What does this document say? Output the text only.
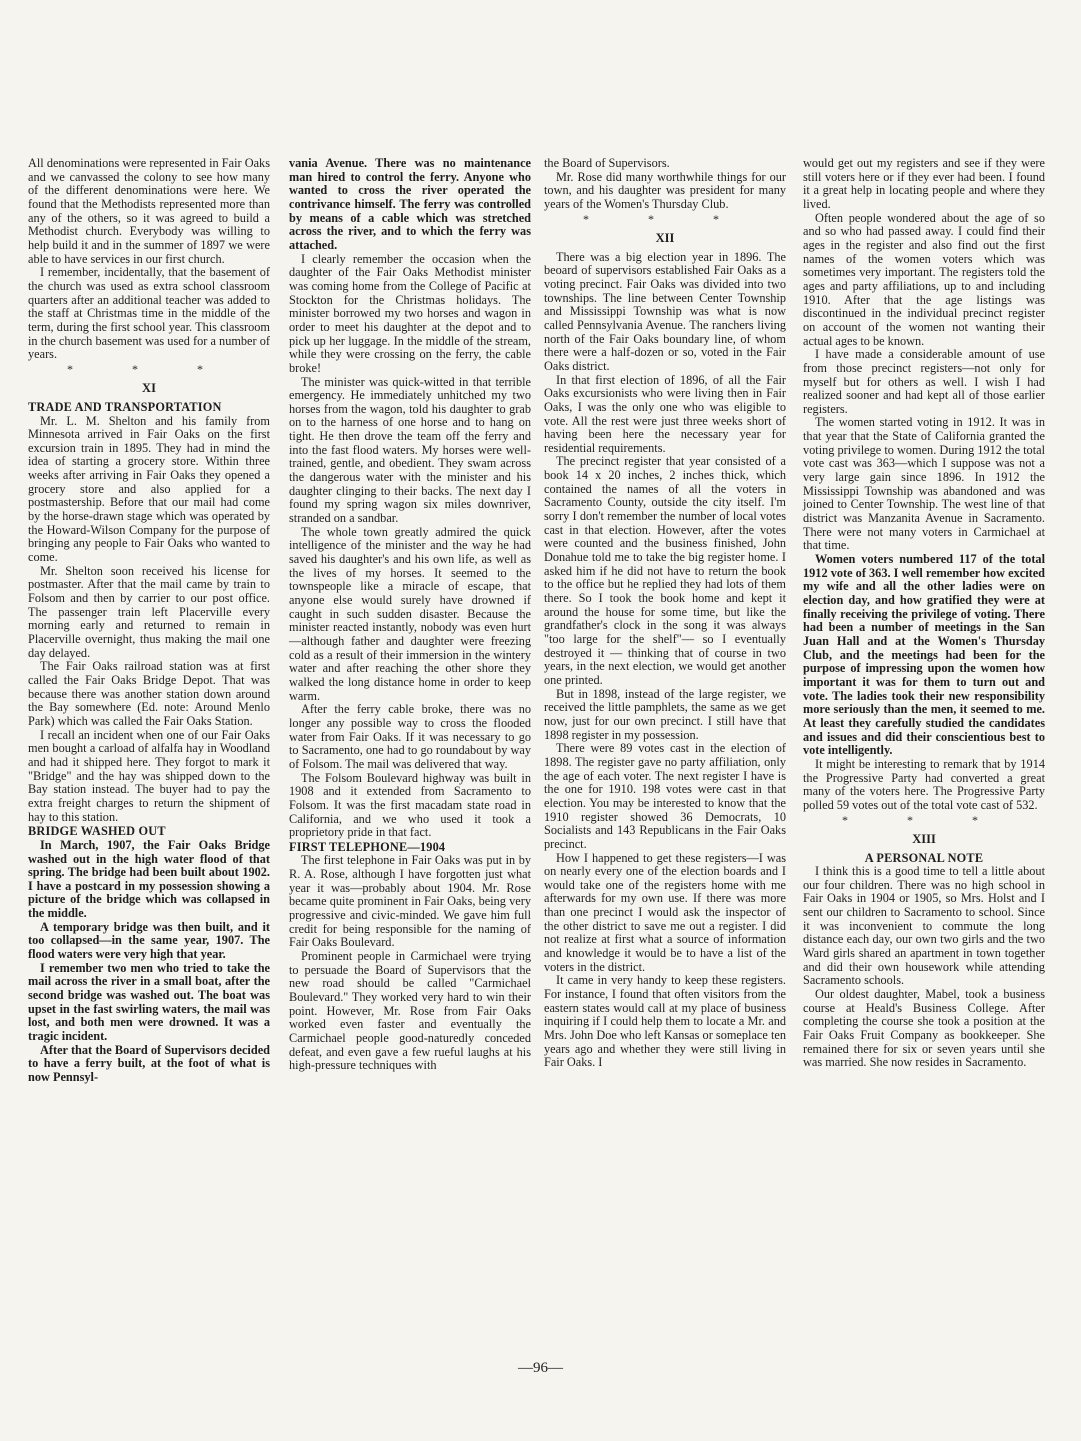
All denominations were represented in Fair Oaks and we canvassed the colony to see how many of the different denominations were here. We found that the Methodists represented more than any of the others, so it was agreed to build a Methodist church. Everybody was willing to help build it and in the summer of 1897 we were able to have services in our first church.

I remember, incidentally, that the basement of the church was used as extra school classroom quarters after an additional teacher was added to the staff at Christmas time in the middle of the term, during the first school year. This classroom in the church basement was used for a number of years.

* * *
XI
TRADE AND TRANSPORTATION

Mr. L. M. Shelton and his family from Minnesota arrived in Fair Oaks on the first excursion train in 1895. They had in mind the idea of starting a grocery store. Within three weeks after arriving in Fair Oaks they opened a grocery store and also applied for a postmastership. Before that our mail had come by the horse-drawn stage which was operated by the Howard-Wilson Company for the purpose of bringing any people to Fair Oaks who wanted to come.

Mr. Shelton soon received his license for postmaster. After that the mail came by train to Folsom and then by carrier to our post office. The passenger train left Placerville every morning early and returned to remain in Placerville overnight, thus making the mail one day delayed.

The Fair Oaks railroad station was at first called the Fair Oaks Bridge Depot. That was because there was another station down around the Bay somewhere (Ed. note: Around Menlo Park) which was called the Fair Oaks Station.

I recall an incident when one of our Fair Oaks men bought a carload of alfalfa hay in Woodland and had it shipped here. They forgot to mark it "Bridge" and the hay was shipped down to the Bay station instead. The buyer had to pay the extra freight charges to return the shipment of hay to this station.

BRIDGE WASHED OUT

In March, 1907, the Fair Oaks Bridge washed out in the high water flood of that spring. The bridge had been built about 1902. I have a postcard in my possession showing a picture of the bridge which was collapsed in the middle.

A temporary bridge was then built, and it too collapsed—in the same year, 1907. The flood waters were very high that year.

I remember two men who tried to take the mail across the river in a small boat, after the second bridge was washed out. The boat was upset in the fast swirling waters, the mail was lost, and both men were drowned. It was a tragic incident.

After that the Board of Supervisors decided to have a ferry built, at the foot of what is now Pennsyl-

vania Avenue. There was no maintenance man hired to control the ferry. Anyone who wanted to cross the river operated the contrivance himself. The ferry was controlled by means of a cable which was stretched across the river, and to which the ferry was attached.

I clearly remember the occasion when the daughter of the Fair Oaks Methodist minister was coming home from the College of Pacific at Stockton for the Christmas holidays. The minister borrowed my two horses and wagon in order to meet his daughter at the depot and to pick up her luggage. In the middle of the stream, while they were crossing on the ferry, the cable broke!

The minister was quick-witted in that terrible emergency. He immediately unhitched my two horses from the wagon, told his daughter to grab on to the harness of one horse and to hang on tight. He then drove the team off the ferry and into the fast flood waters. My horses were well-trained, gentle, and obedient. They swam across the dangerous water with the minister and his daughter clinging to their backs. The next day I found my spring wagon six miles downriver, stranded on a sandbar.

The whole town greatly admired the quick intelligence of the minister and the way he had saved his daughter's and his own life, as well as the lives of my horses. It seemed to the townspeople like a miracle of escape, that anyone else would surely have drowned if caught in such sudden disaster. Because the minister reacted instantly, nobody was even hurt—although father and daughter were freezing cold as a result of their immersion in the wintery water and after reaching the other shore they walked the long distance home in order to keep warm.

After the ferry cable broke, there was no longer any possible way to cross the flooded water from Fair Oaks. If it was necessary to go to Sacramento, one had to go roundabout by way of Folsom. The mail was delivered that way.

The Folsom Boulevard highway was built in 1908 and it extended from Sacramento to Folsom. It was the first macadam state road in California, and we who used it took a proprietory pride in that fact.

FIRST TELEPHONE—1904

The first telephone in Fair Oaks was put in by R. A. Rose, although I have forgotten just what year it was—probably about 1904. Mr. Rose became quite prominent in Fair Oaks, being very progressive and civic-minded. We gave him full credit for being responsible for the naming of Fair Oaks Boulevard.

Prominent people in Carmichael were trying to persuade the Board of Supervisors that the new road should be called "Carmichael Boulevard." They worked very hard to win their point. However, Mr. Rose from Fair Oaks worked even faster and eventually the Carmichael people good-naturedly conceded defeat, and even gave a few rueful laughs at his high-pressure techniques with

the Board of Supervisors.

Mr. Rose did many worthwhile things for our town, and his daughter was president for many years of the Women's Thursday Club.

* * *
XII

There was a big election year in 1896. The beoard of supervisors established Fair Oaks as a voting precinct. Fair Oaks was divided into two townships. The line between Center Township and Mississippi Township was what is now called Pennsylvania Avenue. The ranchers living north of the Fair Oaks boundary line, of whom there were a half-dozen or so, voted in the Fair Oaks district.

In that first election of 1896, of all the Fair Oaks excursionists who were living then in Fair Oaks, I was the only one who was eligible to vote. All the rest were just three weeks short of having been here the necessary year for residential requirements.

The precinct register that year consisted of a book 14 x 20 inches, 2 inches thick, which contained the names of all the voters in Sacramento County, outside the city itself. I'm sorry I don't remember the number of local votes cast in that election. However, after the votes were counted and the business finished, John Donahue told me to take the big register home. I asked him if he did not have to return the book to the office but he replied they had lots of them there. So I took the book home and kept it around the house for some time, but like the grandfather's clock in the song it was always "too large for the shelf"— so I eventually destroyed it — thinking that of course in two years, in the next election, we would get another one printed.

But in 1898, instead of the large register, we received the little pamphlets, the same as we get now, just for our own precinct. I still have that 1898 register in my possession.

There were 89 votes cast in the election of 1898. The register gave no party affiliation, only the age of each voter. The next register I have is the one for 1910. 198 votes were cast in that election. You may be interested to know that the 1910 register showed 36 Democrats, 10 Socialists and 143 Republicans in the Fair Oaks precinct.

How I happened to get these registers—I was on nearly every one of the election boards and I would take one of the registers home with me afterwards for my own use. If there was more than one precinct I would ask the inspector of the other district to save me out a register. I did not realize at first what a source of information and knowledge it would be to have a list of the voters in the district.

It came in very handy to keep these registers. For instance, I found that often visitors from the eastern states would call at my place of business inquiring if I could help them to locate a Mr. and Mrs. John Doe who left Kansas or someplace ten years ago and whether they were still living in Fair Oaks. I

would get out my registers and see if they were still voters here or if they ever had been. I found it a great help in locating people and where they lived.

Often people wondered about the age of so and so who had passed away. I could find their ages in the register and also find out the first names of the women voters which was sometimes very important. The registers told the ages and party affiliations, up to and including 1910. After that the age listings was discontinued in the individual precinct register on account of the women not wanting their actual ages to be known.

I have made a considerable amount of use from those precinct registers—not only for myself but for others as well. I wish I had realized sooner and had kept all of those earlier registers.

The women started voting in 1912. It was in that year that the State of California granted the voting privilege to women. During 1912 the total vote cast was 363—which I suppose was not a very large gain since 1896. In 1912 the Mississippi Township was abandoned and was joined to Center Township. The west line of that district was Manzanita Avenue in Sacramento. There were not many voters in Carmichael at that time.

Women voters numbered 117 of the total 1912 vote of 363. I well remember how excited my wife and all the other ladies were on election day, and how gratified they were at finally receiving the privilege of voting. There had been a number of meetings in the San Juan Hall and at the Women's Thursday Club, and the meetings had been for the purpose of impressing upon the women how important it was for them to turn out and vote. The ladies took their new responsibility more seriously than the men, it seemed to me. At least they carefully studied the candidates and issues and did their conscientious best to vote intelligently.

It might be interesting to remark that by 1914 the Progressive Party had converted a great many of the voters here. The Progressive Party polled 59 votes out of the total vote cast of 532.

* * *
XIII
A PERSONAL NOTE

I think this is a good time to tell a little about our four children. There was no high school in Fair Oaks in 1904 or 1905, so Mrs. Holst and I sent our children to Sacramento to school. Since it was inconvenient to commute the long distance each day, our own two girls and the two Ward girls shared an apartment in town together and did their own housework while attending Sacramento schools.

Our oldest daughter, Mabel, took a business course at Heald's Business College. After completing the course she took a position at the Fair Oaks Fruit Company as bookkeeper. She remained there for six or seven years until she was married. She now resides in Sacramento.

—96—
